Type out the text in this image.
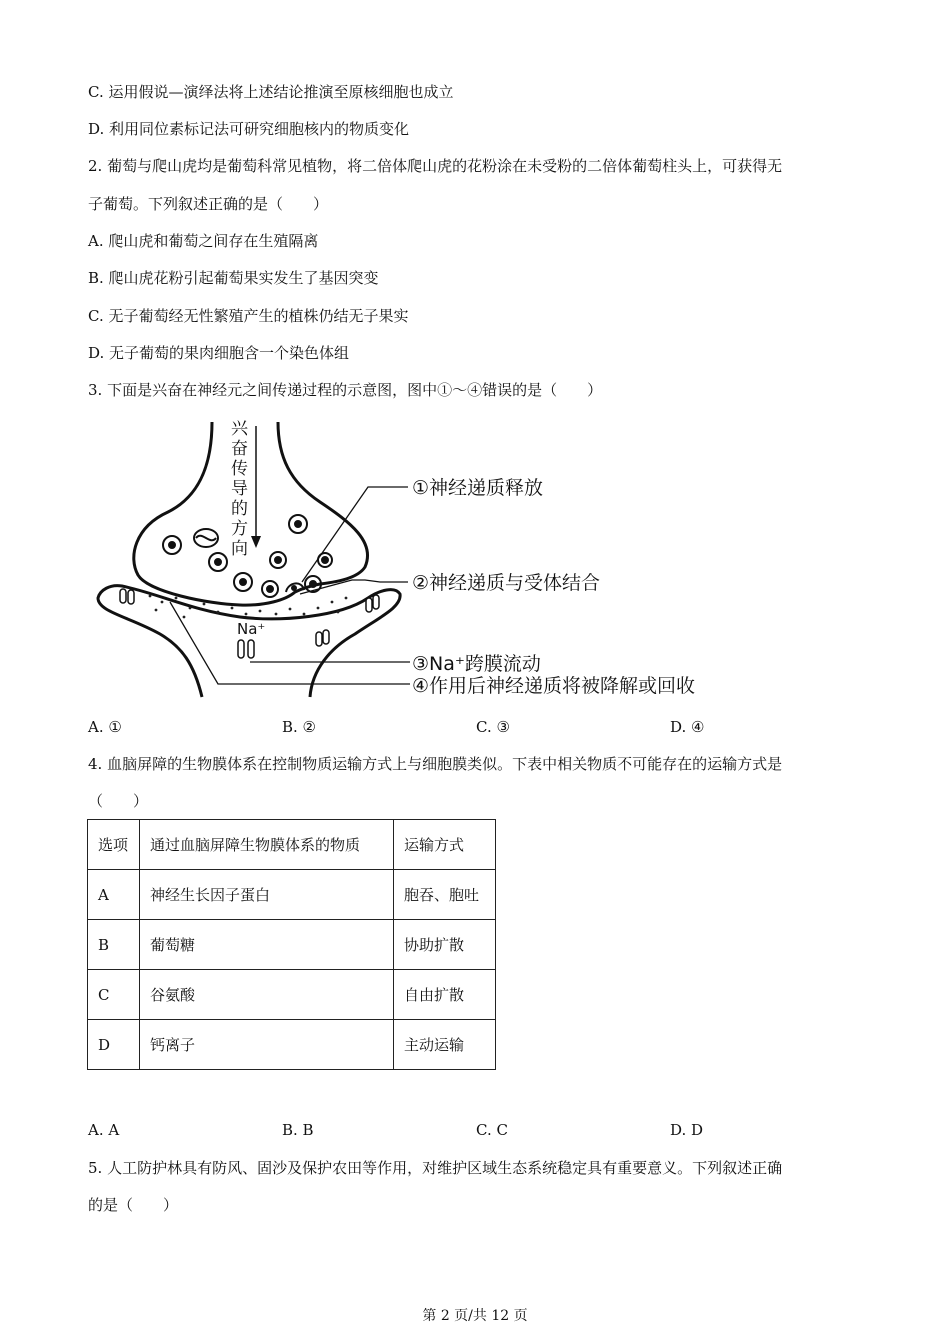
C. 运用假说—演绎法将上述结论推演至原核细胞也成立
D. 利用同位素标记法可研究细胞核内的物质变化
2. 葡萄与爬山虎均是葡萄科常见植物，将二倍体爬山虎的花粉涂在未受粉的二倍体葡萄柱头上，可获得无
子葡萄。下列叙述正确的是（　　）
A. 爬山虎和葡萄之间存在生殖隔离
B. 爬山虎花粉引起葡萄果实发生了基因突变
C. 无子葡萄经无性繁殖产生的植株仍结无子果实
D. 无子葡萄的果肉细胞含一个染色体组
3. 下面是兴奋在神经元之间传递过程的示意图，图中①～④错误的是（　　）
兴
奋
传
导
的
方
向
Na⁺
①神经递质释放
②神经递质与受体结合
③Na⁺跨膜流动
④作用后神经递质将被降解或回收
A. ①	B. ②	C. ③	D. ④
4. 血脑屏障的生物膜体系在控制物质运输方式上与细胞膜类似。下表中相关物质不可能存在的运输方式是
（　　）
选项	通过血脑屏障生物膜体系的物质	运输方式
A	神经生长因子蛋白	胞吞、胞吐
B	葡萄糖	协助扩散
C	谷氨酸	自由扩散
D	钙离子	主动运输
A. A	B. B	C. C	D. D
5. 人工防护林具有防风、固沙及保护农田等作用，对维护区域生态系统稳定具有重要意义。下列叙述正确
的是（　　）
第 2 页/共 12 页
